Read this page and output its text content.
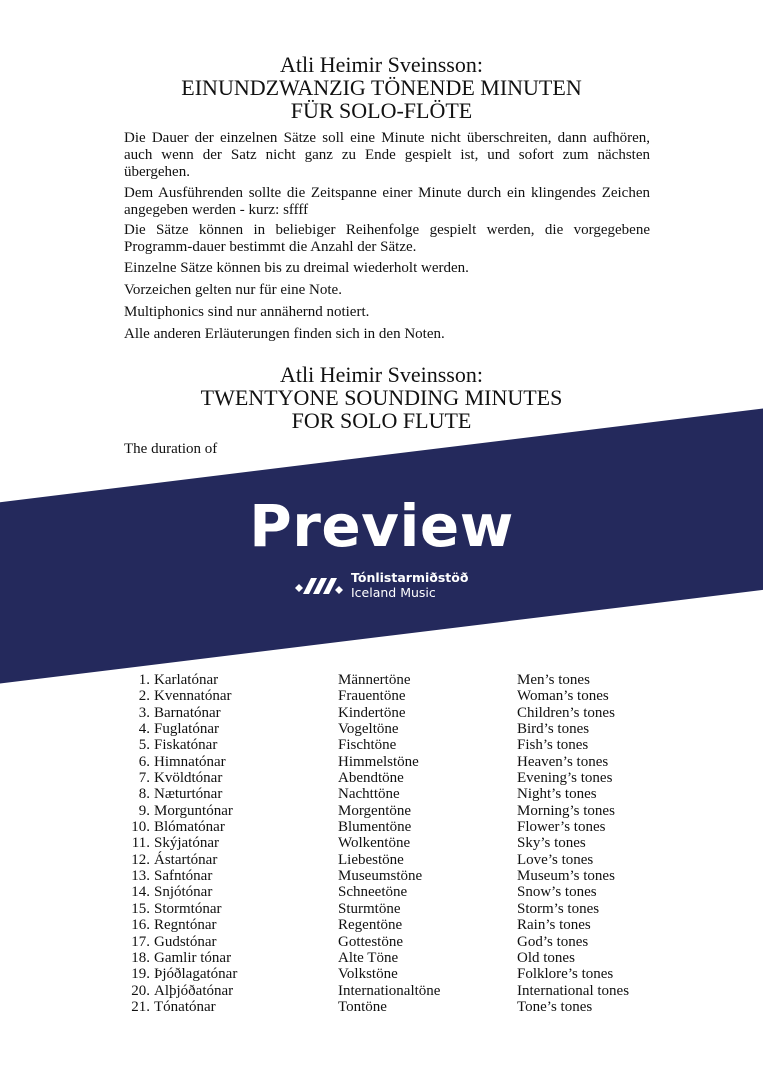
Atli Heimir Sveinsson:
EINUNDZWANZIG TÖNENDE MINUTEN
FÜR SOLO-FLÖTE
Die Dauer der einzelnen Sätze soll eine Minute nicht überschreiten, dann aufhören, auch wenn der Satz nicht ganz zu Ende gespielt ist, und sofort zum nächsten übergehen.
Dem Ausführenden sollte die Zeitspanne einer Minute durch ein klingendes Zeichen angegeben werden - kurz: sffff
Die Sätze können in beliebiger Reihenfolge gespielt werden, die vorgegebene Programm-dauer bestimmt die Anzahl der Sätze.
Einzelne Sätze können bis zu dreimal wiederholt werden.
Vorzeichen gelten nur für eine Note.
Multiphonics sind nur annähernd notiert.
Alle anderen Erläuterungen finden sich in den Noten.
Atli Heimir Sveinsson:
TWENTYONE SOUNDING MINUTES
FOR SOLO FLUTE
The duration of
1.	Karlatónar	Männertöne	Men’s tones
2.	Kvennatónar	Frauentöne	Woman’s tones
3.	Barnatónar	Kindertöne	Children’s tones
4.	Fuglatónar	Vogeltöne	Bird’s tones
5.	Fiskatónar	Fischtöne	Fish’s tones
6.	Himnatónar	Himmelstöne	Heaven’s tones
7.	Kvöldtónar	Abendtöne	Evening’s tones
8.	Næturtónar	Nachttöne	Night’s tones
9.	Morguntónar	Morgentöne	Morning’s tones
10.	Blómatónar	Blumentöne	Flower’s tones
11.	Skýjatónar	Wolkentöne	Sky’s tones
12.	Ástartónar	Liebestöne	Love’s tones
13.	Safntónar	Museumstöne	Museum’s tones
14.	Snjótónar	Schneetöne	Snow’s tones
15.	Stormtónar	Sturmtöne	Storm’s tones
16.	Regntónar	Regentöne	Rain’s tones
17.	Gudstónar	Gottestöne	God’s tones
18.	Gamlir tónar	Alte Töne	Old tones
19.	Þjóðlagatónar	Volkstöne	Folklore’s tones
20.	Alþjóðatónar	Internationaltöne	International tones
21.	Tónatónar	Tontöne	Tone’s tones
Preview
Tónlistarmiðstöð
Iceland Music
